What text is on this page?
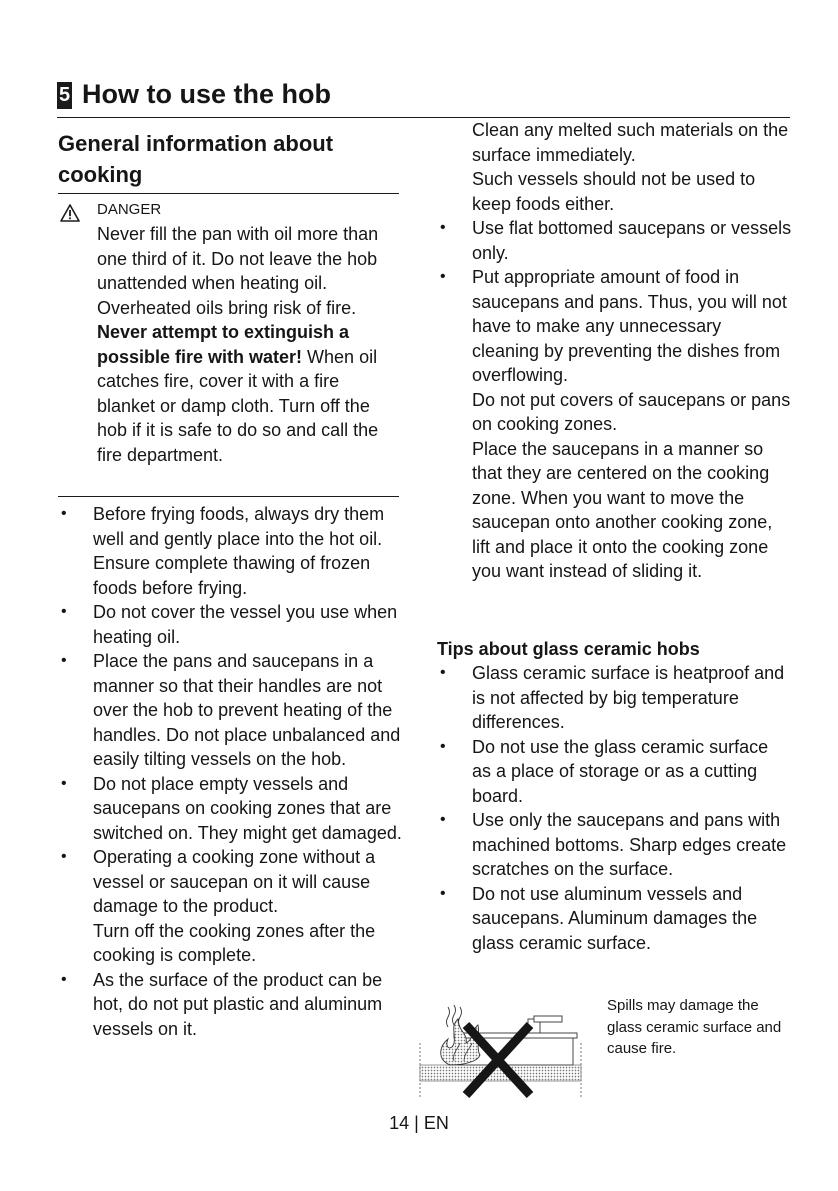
5 How to use the hob
General information about cooking
DANGER
Never fill the pan with oil more than one third of it. Do not leave the hob unattended when heating oil. Overheated oils bring risk of fire.
Never attempt to extinguish a possible fire with water! When oil catches fire, cover it with a fire blanket or damp cloth. Turn off the hob if it is safe to do so and call the fire department.

• Before frying foods, always dry them well and gently place into the hot oil. Ensure complete thawing of frozen foods before frying.

• Do not cover the vessel you use when heating oil.

• Place the pans and saucepans in a manner so that their handles are not over the hob to prevent heating of the handles. Do not place unbalanced and easily tilting vessels on the hob.

• Do not place empty vessels and saucepans on cooking zones that are switched on. They might get damaged.

• Operating a cooking zone without a vessel or saucepan on it will cause damage to the product.

Turn off the cooking zones after the cooking is complete.

• As the surface of the product can be hot, do not put plastic and aluminum vessels on it.

Clean any melted such materials on the surface immediately.

Such vessels should not be used to keep foods either.

• Use flat bottomed saucepans or vessels only.

• Put appropriate amount of food in saucepans and pans. Thus, you will not have to make any unnecessary cleaning by preventing the dishes from overflowing.

Do not put covers of saucepans or pans on cooking zones.

Place the saucepans in a manner so that they are centered on the cooking zone. When you want to move the saucepan onto another cooking zone, lift and place it onto the cooking zone you want instead of sliding it.

Tips about glass ceramic hobs

• Glass ceramic surface is heatproof and is not affected by big temperature differences.

• Do not use the glass ceramic surface as a place of storage or as a cutting board.

• Use only the saucepans and pans with machined bottoms. Sharp edges create scratches on the surface.

• Do not use aluminum vessels and saucepans. Aluminum damages the glass ceramic surface.

Spills may damage the glass ceramic surface and cause fire.
14 | EN
